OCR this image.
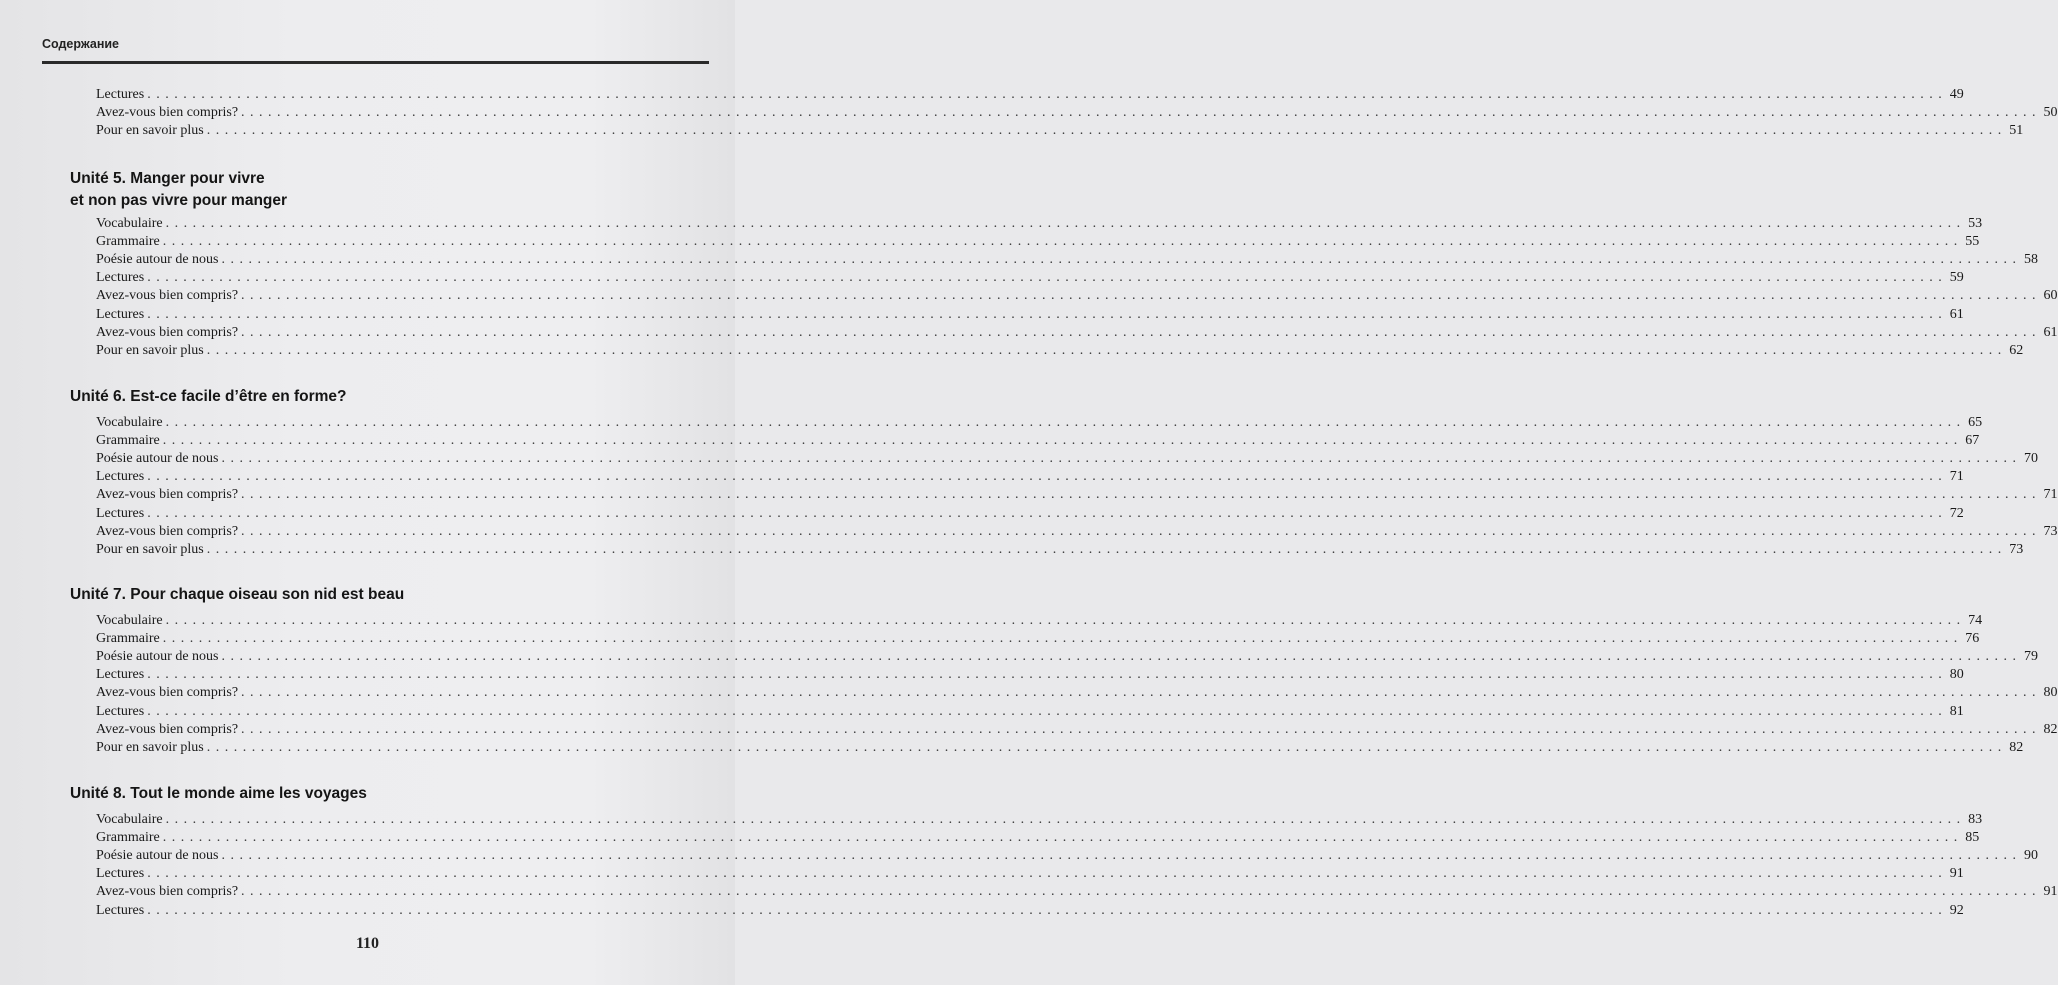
Содержание
Lectures . . . . . . . . . . . . . . . . . . . . . . . . . . . . . . . . . . . . . . . . . . . . . . . . . . . . . . . . . . . . . . . . . . . . . . . . . . . . . . . . . . . . . . . . . . . . . . . . . . . . . . . . . . . . . . . . . . . . . . . . . . . . . . . . . . . . . . . . . . . . . . . . . . . . . . . . . . . . . . . . . . . . . . . . . . . . . . . . . . . . . . . . . . . . . . . . . . . . . . . . 49
Avez-vous bien compris? . . . . . . . . . . . . . . . . . . . . . . . . . . . . . . . . . . . . . . . . . . . . . . . . . . . . . . . . . . . . . . . . . . . . . . . . . . . . . . . . . . . . . . . . . . . . . . . . . . . . . . . . . . . . . . . . . . . . . . . . . . . . . . . . . . . . . . . . . . . . . . . . . . . . . . . . . . . . . . . . . . . . . . . . . . . . . . . . . . . . . . . . . . . . . . . . . . . . . . . . 50
Pour en savoir plus . . . . . . . . . . . . . . . . . . . . . . . . . . . . . . . . . . . . . . . . . . . . . . . . . . . . . . . . . . . . . . . . . . . . . . . . . . . . . . . . . . . . . . . . . . . . . . . . . . . . . . . . . . . . . . . . . . . . . . . . . . . . . . . . . . . . . . . . . . . . . . . . . . . . . . . . . . . . . . . . . . . . . . . . . . . . . . . . . . . . . . . . . . . . . . . . . . . . . . . . 51
Unité 5. Manger pour vivre
et non pas vivre pour manger
Vocabulaire . . . . . . . . . . . . . . . . . . . . . . . . . . . . . . . . . . . . . . . . . . . . . . . . . . . . . . . . . . . . . . . . . . . . . . . . . . . . . . . . . . . . . . . . . . . . . . . . . . . . . . . . . . . . . . . . . . . . . . . . . . . . . . . . . . . . . . . . . . . . . . . . . . . . . . . . . . . . . . . . . . . . . . . . . . . . . . . . . . . . . . . . . . . . . . . . . . . . . . . . 53
Grammaire . . . . . . . . . . . . . . . . . . . . . . . . . . . . . . . . . . . . . . . . . . . . . . . . . . . . . . . . . . . . . . . . . . . . . . . . . . . . . . . . . . . . . . . . . . . . . . . . . . . . . . . . . . . . . . . . . . . . . . . . . . . . . . . . . . . . . . . . . . . . . . . . . . . . . . . . . . . . . . . . . . . . . . . . . . . . . . . . . . . . . . . . . . . . . . . . . . . . . . . . 55
Poésie autour de nous . . . . . . . . . . . . . . . . . . . . . . . . . . . . . . . . . . . . . . . . . . . . . . . . . . . . . . . . . . . . . . . . . . . . . . . . . . . . . . . . . . . . . . . . . . . . . . . . . . . . . . . . . . . . . . . . . . . . . . . . . . . . . . . . . . . . . . . . . . . . . . . . . . . . . . . . . . . . . . . . . . . . . . . . . . . . . . . . . . . . . . . . . . . . . . . . . . . . . . . . 58
Lectures . . . . . . . . . . . . . . . . . . . . . . . . . . . . . . . . . . . . . . . . . . . . . . . . . . . . . . . . . . . . . . . . . . . . . . . . . . . . . . . . . . . . . . . . . . . . . . . . . . . . . . . . . . . . . . . . . . . . . . . . . . . . . . . . . . . . . . . . . . . . . . . . . . . . . . . . . . . . . . . . . . . . . . . . . . . . . . . . . . . . . . . . . . . . . . . . . . . . . . . . 59
Avez-vous bien compris? . . . . . . . . . . . . . . . . . . . . . . . . . . . . . . . . . . . . . . . . . . . . . . . . . . . . . . . . . . . . . . . . . . . . . . . . . . . . . . . . . . . . . . . . . . . . . . . . . . . . . . . . . . . . . . . . . . . . . . . . . . . . . . . . . . . . . . . . . . . . . . . . . . . . . . . . . . . . . . . . . . . . . . . . . . . . . . . . . . . . . . . . . . . . . . . . . . . . . . . . 60
Lectures . . . . . . . . . . . . . . . . . . . . . . . . . . . . . . . . . . . . . . . . . . . . . . . . . . . . . . . . . . . . . . . . . . . . . . . . . . . . . . . . . . . . . . . . . . . . . . . . . . . . . . . . . . . . . . . . . . . . . . . . . . . . . . . . . . . . . . . . . . . . . . . . . . . . . . . . . . . . . . . . . . . . . . . . . . . . . . . . . . . . . . . . . . . . . . . . . . . . . . . . 61
Avez-vous bien compris? . . . . . . . . . . . . . . . . . . . . . . . . . . . . . . . . . . . . . . . . . . . . . . . . . . . . . . . . . . . . . . . . . . . . . . . . . . . . . . . . . . . . . . . . . . . . . . . . . . . . . . . . . . . . . . . . . . . . . . . . . . . . . . . . . . . . . . . . . . . . . . . . . . . . . . . . . . . . . . . . . . . . . . . . . . . . . . . . . . . . . . . . . . . . . . . . . . . . . . . . 61
Pour en savoir plus . . . . . . . . . . . . . . . . . . . . . . . . . . . . . . . . . . . . . . . . . . . . . . . . . . . . . . . . . . . . . . . . . . . . . . . . . . . . . . . . . . . . . . . . . . . . . . . . . . . . . . . . . . . . . . . . . . . . . . . . . . . . . . . . . . . . . . . . . . . . . . . . . . . . . . . . . . . . . . . . . . . . . . . . . . . . . . . . . . . . . . . . . . . . . . . . . . . . . . . . 62
Unité 6. Est-ce facile d’être en forme?
Vocabulaire . . . . . . . . . . . . . . . . . . . . . . . . . . . . . . . . . . . . . . . . . . . . . . . . . . . . . . . . . . . . . . . . . . . . . . . . . . . . . . . . . . . . . . . . . . . . . . . . . . . . . . . . . . . . . . . . . . . . . . . . . . . . . . . . . . . . . . . . . . . . . . . . . . . . . . . . . . . . . . . . . . . . . . . . . . . . . . . . . . . . . . . . . . . . . . . . . . . . . . . . 65
Grammaire . . . . . . . . . . . . . . . . . . . . . . . . . . . . . . . . . . . . . . . . . . . . . . . . . . . . . . . . . . . . . . . . . . . . . . . . . . . . . . . . . . . . . . . . . . . . . . . . . . . . . . . . . . . . . . . . . . . . . . . . . . . . . . . . . . . . . . . . . . . . . . . . . . . . . . . . . . . . . . . . . . . . . . . . . . . . . . . . . . . . . . . . . . . . . . . . . . . . . . . . 67
Poésie autour de nous . . . . . . . . . . . . . . . . . . . . . . . . . . . . . . . . . . . . . . . . . . . . . . . . . . . . . . . . . . . . . . . . . . . . . . . . . . . . . . . . . . . . . . . . . . . . . . . . . . . . . . . . . . . . . . . . . . . . . . . . . . . . . . . . . . . . . . . . . . . . . . . . . . . . . . . . . . . . . . . . . . . . . . . . . . . . . . . . . . . . . . . . . . . . . . . . . . . . . . . . 70
Lectures . . . . . . . . . . . . . . . . . . . . . . . . . . . . . . . . . . . . . . . . . . . . . . . . . . . . . . . . . . . . . . . . . . . . . . . . . . . . . . . . . . . . . . . . . . . . . . . . . . . . . . . . . . . . . . . . . . . . . . . . . . . . . . . . . . . . . . . . . . . . . . . . . . . . . . . . . . . . . . . . . . . . . . . . . . . . . . . . . . . . . . . . . . . . . . . . . . . . . . . . 71
Avez-vous bien compris? . . . . . . . . . . . . . . . . . . . . . . . . . . . . . . . . . . . . . . . . . . . . . . . . . . . . . . . . . . . . . . . . . . . . . . . . . . . . . . . . . . . . . . . . . . . . . . . . . . . . . . . . . . . . . . . . . . . . . . . . . . . . . . . . . . . . . . . . . . . . . . . . . . . . . . . . . . . . . . . . . . . . . . . . . . . . . . . . . . . . . . . . . . . . . . . . . . . . . . . . 71
Lectures . . . . . . . . . . . . . . . . . . . . . . . . . . . . . . . . . . . . . . . . . . . . . . . . . . . . . . . . . . . . . . . . . . . . . . . . . . . . . . . . . . . . . . . . . . . . . . . . . . . . . . . . . . . . . . . . . . . . . . . . . . . . . . . . . . . . . . . . . . . . . . . . . . . . . . . . . . . . . . . . . . . . . . . . . . . . . . . . . . . . . . . . . . . . . . . . . . . . . . . . 72
Avez-vous bien compris? . . . . . . . . . . . . . . . . . . . . . . . . . . . . . . . . . . . . . . . . . . . . . . . . . . . . . . . . . . . . . . . . . . . . . . . . . . . . . . . . . . . . . . . . . . . . . . . . . . . . . . . . . . . . . . . . . . . . . . . . . . . . . . . . . . . . . . . . . . . . . . . . . . . . . . . . . . . . . . . . . . . . . . . . . . . . . . . . . . . . . . . . . . . . . . . . . . . . . . . . 73
Pour en savoir plus . . . . . . . . . . . . . . . . . . . . . . . . . . . . . . . . . . . . . . . . . . . . . . . . . . . . . . . . . . . . . . . . . . . . . . . . . . . . . . . . . . . . . . . . . . . . . . . . . . . . . . . . . . . . . . . . . . . . . . . . . . . . . . . . . . . . . . . . . . . . . . . . . . . . . . . . . . . . . . . . . . . . . . . . . . . . . . . . . . . . . . . . . . . . . . . . . . . . . . . . 73
Unité 7. Pour chaque oiseau son nid est beau
Vocabulaire . . . . . . . . . . . . . . . . . . . . . . . . . . . . . . . . . . . . . . . . . . . . . . . . . . . . . . . . . . . . . . . . . . . . . . . . . . . . . . . . . . . . . . . . . . . . . . . . . . . . . . . . . . . . . . . . . . . . . . . . . . . . . . . . . . . . . . . . . . . . . . . . . . . . . . . . . . . . . . . . . . . . . . . . . . . . . . . . . . . . . . . . . . . . . . . . . . . . . . . . 74
Grammaire . . . . . . . . . . . . . . . . . . . . . . . . . . . . . . . . . . . . . . . . . . . . . . . . . . . . . . . . . . . . . . . . . . . . . . . . . . . . . . . . . . . . . . . . . . . . . . . . . . . . . . . . . . . . . . . . . . . . . . . . . . . . . . . . . . . . . . . . . . . . . . . . . . . . . . . . . . . . . . . . . . . . . . . . . . . . . . . . . . . . . . . . . . . . . . . . . . . . . . . . 76
Poésie autour de nous . . . . . . . . . . . . . . . . . . . . . . . . . . . . . . . . . . . . . . . . . . . . . . . . . . . . . . . . . . . . . . . . . . . . . . . . . . . . . . . . . . . . . . . . . . . . . . . . . . . . . . . . . . . . . . . . . . . . . . . . . . . . . . . . . . . . . . . . . . . . . . . . . . . . . . . . . . . . . . . . . . . . . . . . . . . . . . . . . . . . . . . . . . . . . . . . . . . . . . . . 79
Lectures . . . . . . . . . . . . . . . . . . . . . . . . . . . . . . . . . . . . . . . . . . . . . . . . . . . . . . . . . . . . . . . . . . . . . . . . . . . . . . . . . . . . . . . . . . . . . . . . . . . . . . . . . . . . . . . . . . . . . . . . . . . . . . . . . . . . . . . . . . . . . . . . . . . . . . . . . . . . . . . . . . . . . . . . . . . . . . . . . . . . . . . . . . . . . . . . . . . . . . . . 80
Avez-vous bien compris? . . . . . . . . . . . . . . . . . . . . . . . . . . . . . . . . . . . . . . . . . . . . . . . . . . . . . . . . . . . . . . . . . . . . . . . . . . . . . . . . . . . . . . . . . . . . . . . . . . . . . . . . . . . . . . . . . . . . . . . . . . . . . . . . . . . . . . . . . . . . . . . . . . . . . . . . . . . . . . . . . . . . . . . . . . . . . . . . . . . . . . . . . . . . . . . . . . . . . . . . 80
Lectures . . . . . . . . . . . . . . . . . . . . . . . . . . . . . . . . . . . . . . . . . . . . . . . . . . . . . . . . . . . . . . . . . . . . . . . . . . . . . . . . . . . . . . . . . . . . . . . . . . . . . . . . . . . . . . . . . . . . . . . . . . . . . . . . . . . . . . . . . . . . . . . . . . . . . . . . . . . . . . . . . . . . . . . . . . . . . . . . . . . . . . . . . . . . . . . . . . . . . . . . 81
Avez-vous bien compris? . . . . . . . . . . . . . . . . . . . . . . . . . . . . . . . . . . . . . . . . . . . . . . . . . . . . . . . . . . . . . . . . . . . . . . . . . . . . . . . . . . . . . . . . . . . . . . . . . . . . . . . . . . . . . . . . . . . . . . . . . . . . . . . . . . . . . . . . . . . . . . . . . . . . . . . . . . . . . . . . . . . . . . . . . . . . . . . . . . . . . . . . . . . . . . . . . . . . . . . . 82
Pour en savoir plus . . . . . . . . . . . . . . . . . . . . . . . . . . . . . . . . . . . . . . . . . . . . . . . . . . . . . . . . . . . . . . . . . . . . . . . . . . . . . . . . . . . . . . . . . . . . . . . . . . . . . . . . . . . . . . . . . . . . . . . . . . . . . . . . . . . . . . . . . . . . . . . . . . . . . . . . . . . . . . . . . . . . . . . . . . . . . . . . . . . . . . . . . . . . . . . . . . . . . . . . 82
Unité 8. Tout le monde aime les voyages
Vocabulaire . . . . . . . . . . . . . . . . . . . . . . . . . . . . . . . . . . . . . . . . . . . . . . . . . . . . . . . . . . . . . . . . . . . . . . . . . . . . . . . . . . . . . . . . . . . . . . . . . . . . . . . . . . . . . . . . . . . . . . . . . . . . . . . . . . . . . . . . . . . . . . . . . . . . . . . . . . . . . . . . . . . . . . . . . . . . . . . . . . . . . . . . . . . . . . . . . . . . . . . . 83
Grammaire . . . . . . . . . . . . . . . . . . . . . . . . . . . . . . . . . . . . . . . . . . . . . . . . . . . . . . . . . . . . . . . . . . . . . . . . . . . . . . . . . . . . . . . . . . . . . . . . . . . . . . . . . . . . . . . . . . . . . . . . . . . . . . . . . . . . . . . . . . . . . . . . . . . . . . . . . . . . . . . . . . . . . . . . . . . . . . . . . . . . . . . . . . . . . . . . . . . . . . . . 85
Poésie autour de nous . . . . . . . . . . . . . . . . . . . . . . . . . . . . . . . . . . . . . . . . . . . . . . . . . . . . . . . . . . . . . . . . . . . . . . . . . . . . . . . . . . . . . . . . . . . . . . . . . . . . . . . . . . . . . . . . . . . . . . . . . . . . . . . . . . . . . . . . . . . . . . . . . . . . . . . . . . . . . . . . . . . . . . . . . . . . . . . . . . . . . . . . . . . . . . . . . . . . . . . . 90
Lectures . . . . . . . . . . . . . . . . . . . . . . . . . . . . . . . . . . . . . . . . . . . . . . . . . . . . . . . . . . . . . . . . . . . . . . . . . . . . . . . . . . . . . . . . . . . . . . . . . . . . . . . . . . . . . . . . . . . . . . . . . . . . . . . . . . . . . . . . . . . . . . . . . . . . . . . . . . . . . . . . . . . . . . . . . . . . . . . . . . . . . . . . . . . . . . . . . . . . . . . . 91
Avez-vous bien compris? . . . . . . . . . . . . . . . . . . . . . . . . . . . . . . . . . . . . . . . . . . . . . . . . . . . . . . . . . . . . . . . . . . . . . . . . . . . . . . . . . . . . . . . . . . . . . . . . . . . . . . . . . . . . . . . . . . . . . . . . . . . . . . . . . . . . . . . . . . . . . . . . . . . . . . . . . . . . . . . . . . . . . . . . . . . . . . . . . . . . . . . . . . . . . . . . . . . . . . . . 91
Lectures . . . . . . . . . . . . . . . . . . . . . . . . . . . . . . . . . . . . . . . . . . . . . . . . . . . . . . . . . . . . . . . . . . . . . . . . . . . . . . . . . . . . . . . . . . . . . . . . . . . . . . . . . . . . . . . . . . . . . . . . . . . . . . . . . . . . . . . . . . . . . . . . . . . . . . . . . . . . . . . . . . . . . . . . . . . . . . . . . . . . . . . . . . . . . . . . . . . . . . . . 92
110
